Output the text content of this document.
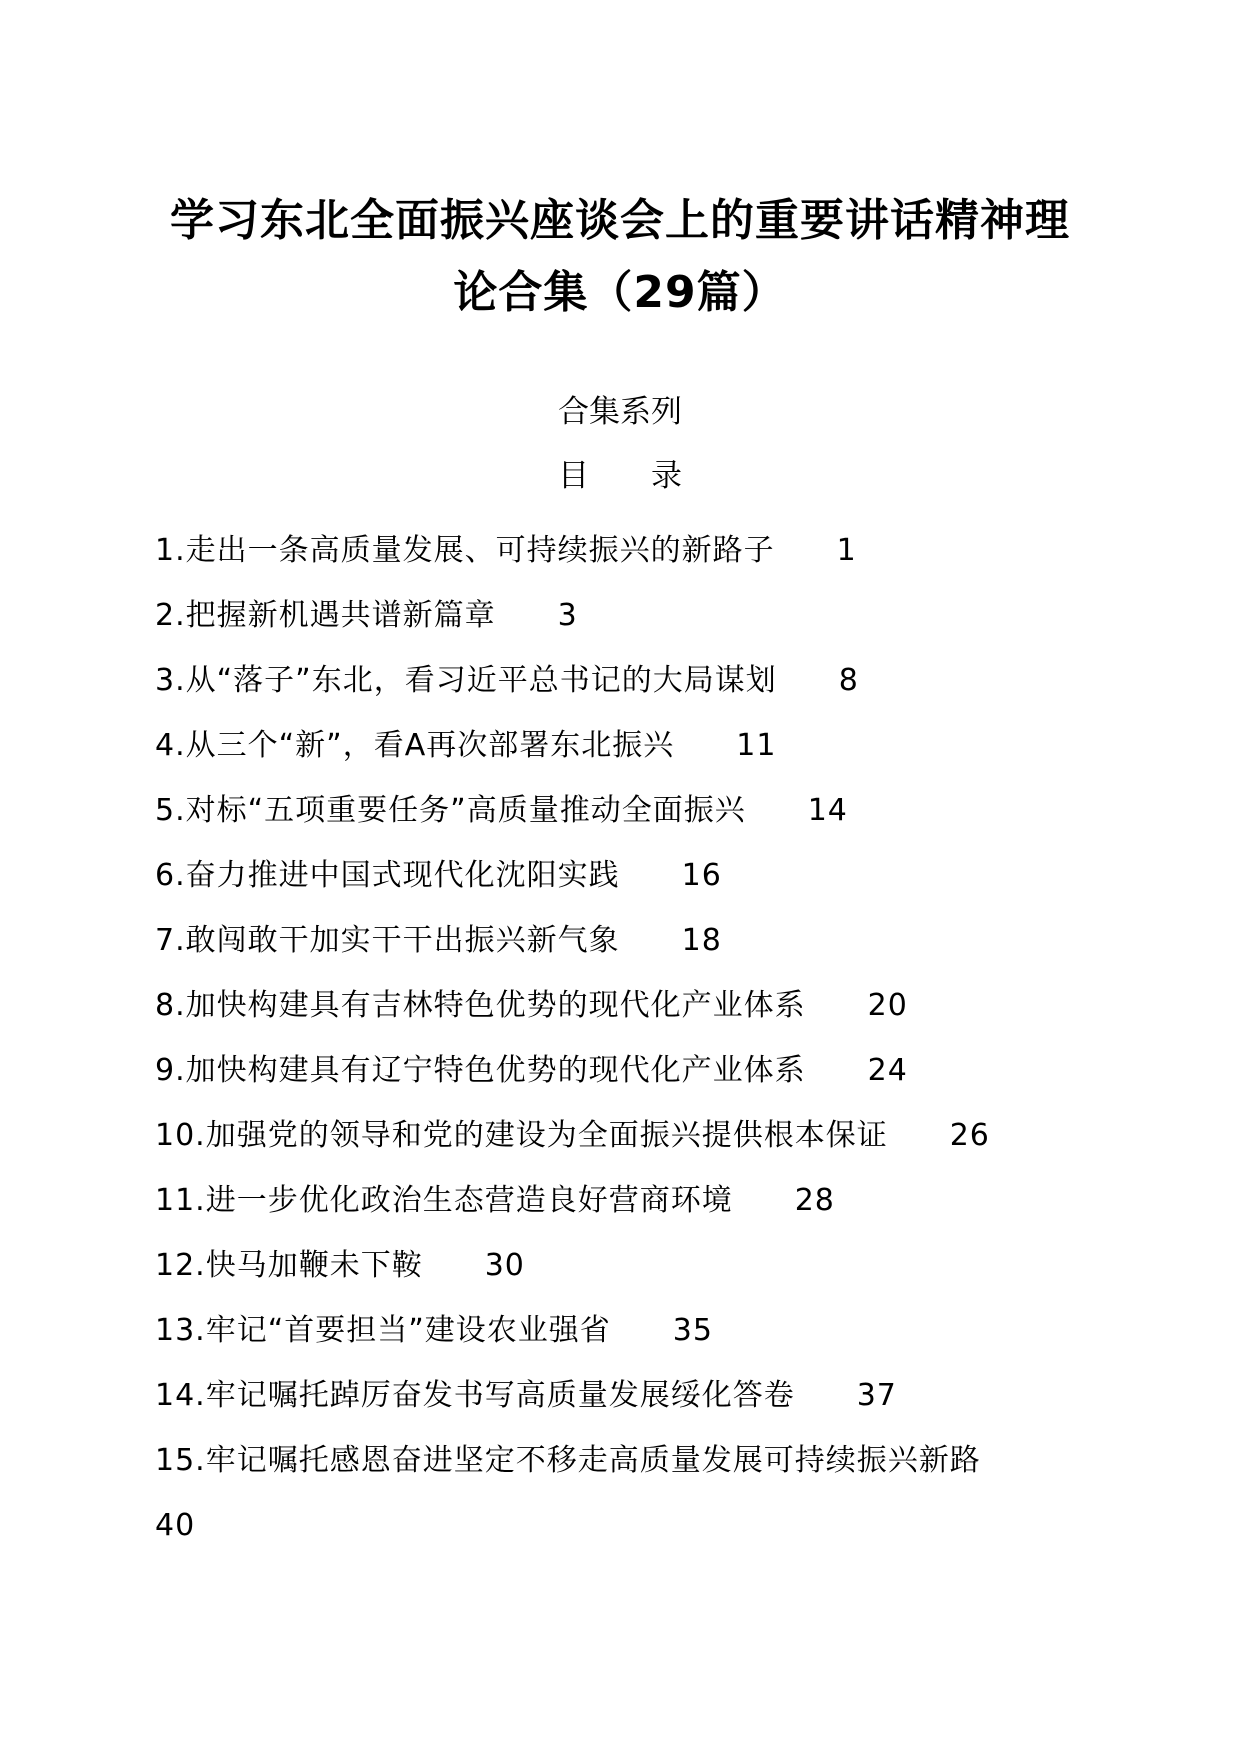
学习东北全面振兴座谈会上的重要讲话精神理
论合集（29篇）
合集系列
目 录
1.走出一条高质量发展、可持续振兴的新路子 1
2.把握新机遇共谱新篇章 3
3.从“落子”东北，看习近平总书记的大局谋划 8
4.从三个“新”，看A再次部署东北振兴 11
5.对标“五项重要任务”高质量推动全面振兴 14
6.奋力推进中国式现代化沈阳实践 16
7.敢闯敢干加实干干出振兴新气象 18
8.加快构建具有吉林特色优势的现代化产业体系 20
9.加快构建具有辽宁特色优势的现代化产业体系 24
10.加强党的领导和党的建设为全面振兴提供根本保证 26
11.进一步优化政治生态营造良好营商环境 28
12.快马加鞭未下鞍 30
13.牢记“首要担当”建设农业强省 35
14.牢记嘱托踔厉奋发书写高质量发展绥化答卷 37
15.牢记嘱托感恩奋进坚定不移走高质量发展可持续振兴新路
40
